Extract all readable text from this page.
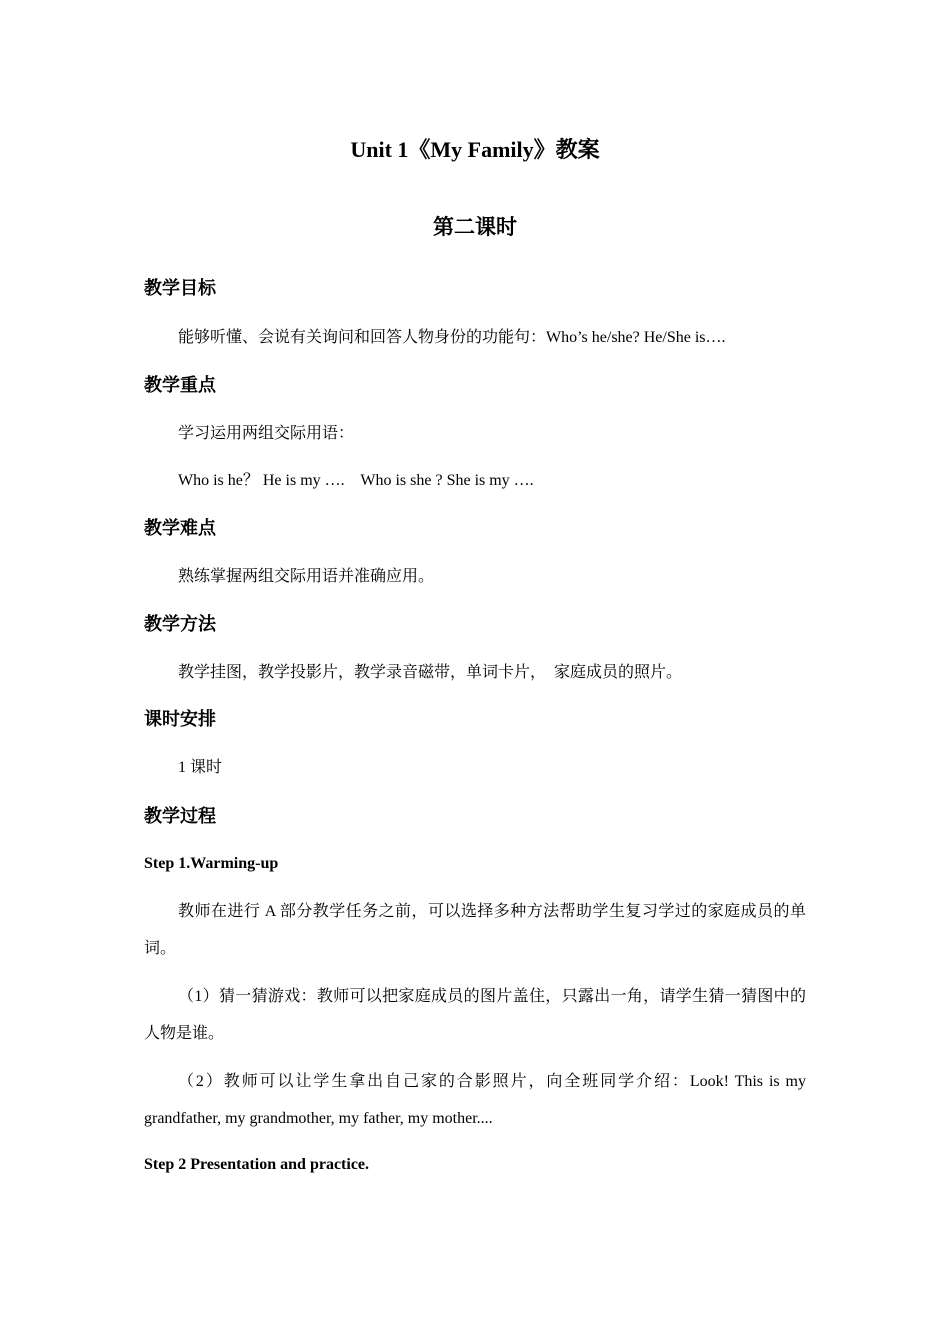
Unit 1《My Family》教案
第二课时
教学目标
能够听懂、会说有关询问和回答人物身份的功能句：Who’s he/she? He/She is….
教学重点
学习运用两组交际用语：
Who is he？ He is my ….    Who is she ? She is my ….
教学难点
熟练掌握两组交际用语并准确应用。
教学方法
教学挂图，教学投影片，教学录音磁带，单词卡片，  家庭成员的照片。
课时安排
1 课时
教学过程
Step 1.Warming-up
教师在进行 A 部分教学任务之前，可以选择多种方法帮助学生复习学过的家庭成员的单词。
（1）猜一猜游戏：教师可以把家庭成员的图片盖住，只露出一角，请学生猜一猜图中的人物是谁。
（2）教师可以让学生拿出自己家的合影照片，向全班同学介绍：Look! This is my grandfather, my grandmother, my father, my mother....
Step 2 Presentation and practice.
